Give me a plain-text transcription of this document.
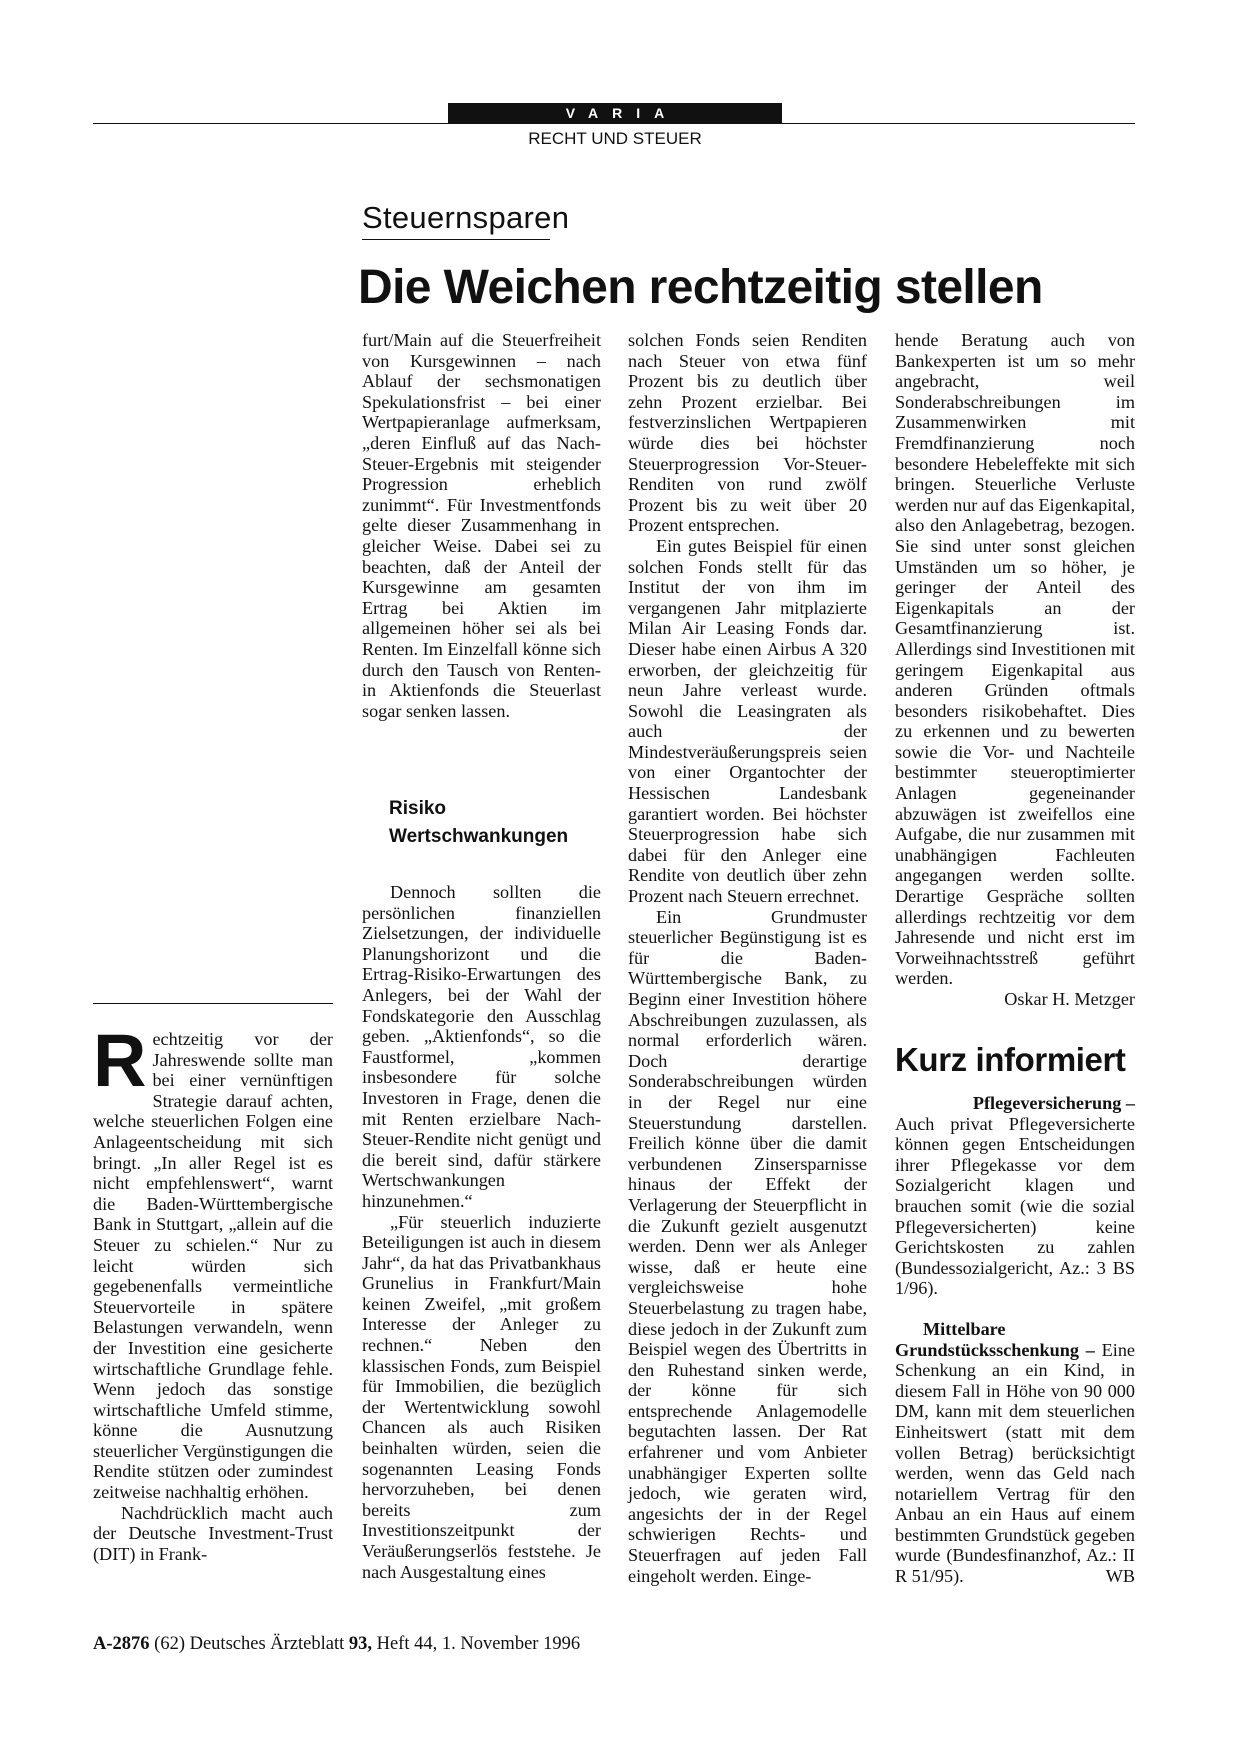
VARIA
RECHT UND STEUER
Steuernsparen
Die Weichen rechtzeitig stellen

Rechtzeitig vor der Jahreswende sollte man bei einer vernünftigen Strategie darauf achten, welche steuerlichen Folgen eine Anlageentscheidung mit sich bringt. „In aller Regel ist es nicht empfehlenswert“, warnt die Baden-Württembergische Bank in Stuttgart, „allein auf die Steuer zu schielen.“ Nur zu leicht würden sich gegebenenfalls vermeintliche Steuervorteile in spätere Belastungen verwandeln, wenn der Investition eine gesicherte wirtschaftliche Grundlage fehle. Wenn jedoch das sonstige wirtschaftliche Umfeld stimme, könne die Ausnutzung steuerlicher Vergünstigungen die Rendite stützen oder zumindest zeitweise nachhaltig erhöhen.

Nachdrücklich macht auch der Deutsche Investment-Trust (DIT) in Frank-

furt/Main auf die Steuerfreiheit von Kursgewinnen – nach Ablauf der sechsmonatigen Spekulationsfrist – bei einer Wertpapieranlage aufmerksam, „deren Einfluß auf das Nach-Steuer-Ergebnis mit steigender Progression erheblich zunimmt“. Für Investmentfonds gelte dieser Zusammenhang in gleicher Weise. Dabei sei zu beachten, daß der Anteil der Kursgewinne am gesamten Ertrag bei Aktien im allgemeinen höher sei als bei Renten. Im Einzelfall könne sich durch den Tausch von Renten- in Aktienfonds die Steuerlast sogar senken lassen.

Risiko Wertschwankungen

Dennoch sollten die persönlichen finanziellen Zielsetzungen, der individuelle Planungshorizont und die Ertrag-Risiko-Erwartungen des Anlegers, bei der Wahl der Fondskategorie den Ausschlag geben. „Aktienfonds“, so die Faustformel, „kommen insbesondere für solche Investoren in Frage, denen die mit Renten erzielbare Nach-Steuer-Rendite nicht genügt und die bereit sind, dafür stärkere Wertschwankungen hinzunehmen.“

„Für steuerlich induzierte Beteiligungen ist auch in diesem Jahr“, da hat das Privatbankhaus Grunelius in Frankfurt/Main keinen Zweifel, „mit großem Interesse der Anleger zu rechnen.“ Neben den klassischen Fonds, zum Beispiel für Immobilien, die bezüglich der Wertentwicklung sowohl Chancen als auch Risiken beinhalten würden, seien die sogenannten Leasing Fonds hervorzuheben, bei denen bereits zum Investitionszeitpunkt der Veräußerungserlös feststehe. Je nach Ausgestaltung eines

solchen Fonds seien Renditen nach Steuer von etwa fünf Prozent bis zu deutlich über zehn Prozent erzielbar. Bei festverzinslichen Wertpapieren würde dies bei höchster Steuerprogression Vor-Steuer-Renditen von rund zwölf Prozent bis zu weit über 20 Prozent entsprechen.

Ein gutes Beispiel für einen solchen Fonds stellt für das Institut der von ihm im vergangenen Jahr mitplazierte Milan Air Leasing Fonds dar. Dieser habe einen Airbus A 320 erworben, der gleichzeitig für neun Jahre verleast wurde. Sowohl die Leasingraten als auch der Mindestveräußerungspreis seien von einer Organtochter der Hessischen Landesbank garantiert worden. Bei höchster Steuerprogression habe sich dabei für den Anleger eine Rendite von deutlich über zehn Prozent nach Steuern errechnet.

Ein Grundmuster steuerlicher Begünstigung ist es für die Baden-Württembergische Bank, zu Beginn einer Investition höhere Abschreibungen zuzulassen, als normal erforderlich wären. Doch derartige Sonderabschreibungen würden in der Regel nur eine Steuerstundung darstellen. Freilich könne über die damit verbundenen Zinsersparnisse hinaus der Effekt der Verlagerung der Steuerpflicht in die Zukunft gezielt ausgenutzt werden. Denn wer als Anleger wisse, daß er heute eine vergleichsweise hohe Steuerbelastung zu tragen habe, diese jedoch in der Zukunft zum Beispiel wegen des Übertritts in den Ruhestand sinken werde, der könne für sich entsprechende Anlagemodelle begutachten lassen. Der Rat erfahrener und vom Anbieter unabhängiger Experten sollte jedoch, wie geraten wird, angesichts der in der Regel schwierigen Rechts- und Steuerfragen auf jeden Fall eingeholt werden. Einge-

hende Beratung auch von Bankexperten ist um so mehr angebracht, weil Sonderabschreibungen im Zusammenwirken mit Fremdfinanzierung noch besondere Hebeleffekte mit sich bringen. Steuerliche Verluste werden nur auf das Eigenkapital, also den Anlagebetrag, bezogen. Sie sind unter sonst gleichen Umständen um so höher, je geringer der Anteil des Eigenkapitals an der Gesamtfinanzierung ist. Allerdings sind Investitionen mit geringem Eigenkapital aus anderen Gründen oftmals besonders risikobehaftet. Dies zu erkennen und zu bewerten sowie die Vor- und Nachteile bestimmter steueroptimierter Anlagen gegeneinander abzuwägen ist zweifellos eine Aufgabe, die nur zusammen mit unabhängigen Fachleuten angegangen werden sollte. Derartige Gespräche sollten allerdings rechtzeitig vor dem Jahresende und nicht erst im Vorweihnachtsstreß geführt werden.

Oskar H. Metzger

Kurz informiert

Pflegeversicherung –
Auch privat Pflegeversicherte können gegen Entscheidungen ihrer Pflegekasse vor dem Sozialgericht klagen und brauchen somit (wie die sozial Pflegeversicherten) keine Gerichtskosten zu zahlen (Bundessozialgericht, Az.: 3 BS 1/96).

Mittelbare Grundstücksschenkung – Eine Schenkung an ein Kind, in diesem Fall in Höhe von 90 000 DM, kann mit dem steuerlichen Einheitswert (statt mit dem vollen Betrag) berücksichtigt werden, wenn das Geld nach notariellem Vertrag für den Anbau an ein Haus auf einem bestimmten Grundstück gegeben wurde (Bundesfinanzhof, Az.: II R 51/95).	WB

A-2876 (62) Deutsches Ärzteblatt 93, Heft 44, 1. November 1996
